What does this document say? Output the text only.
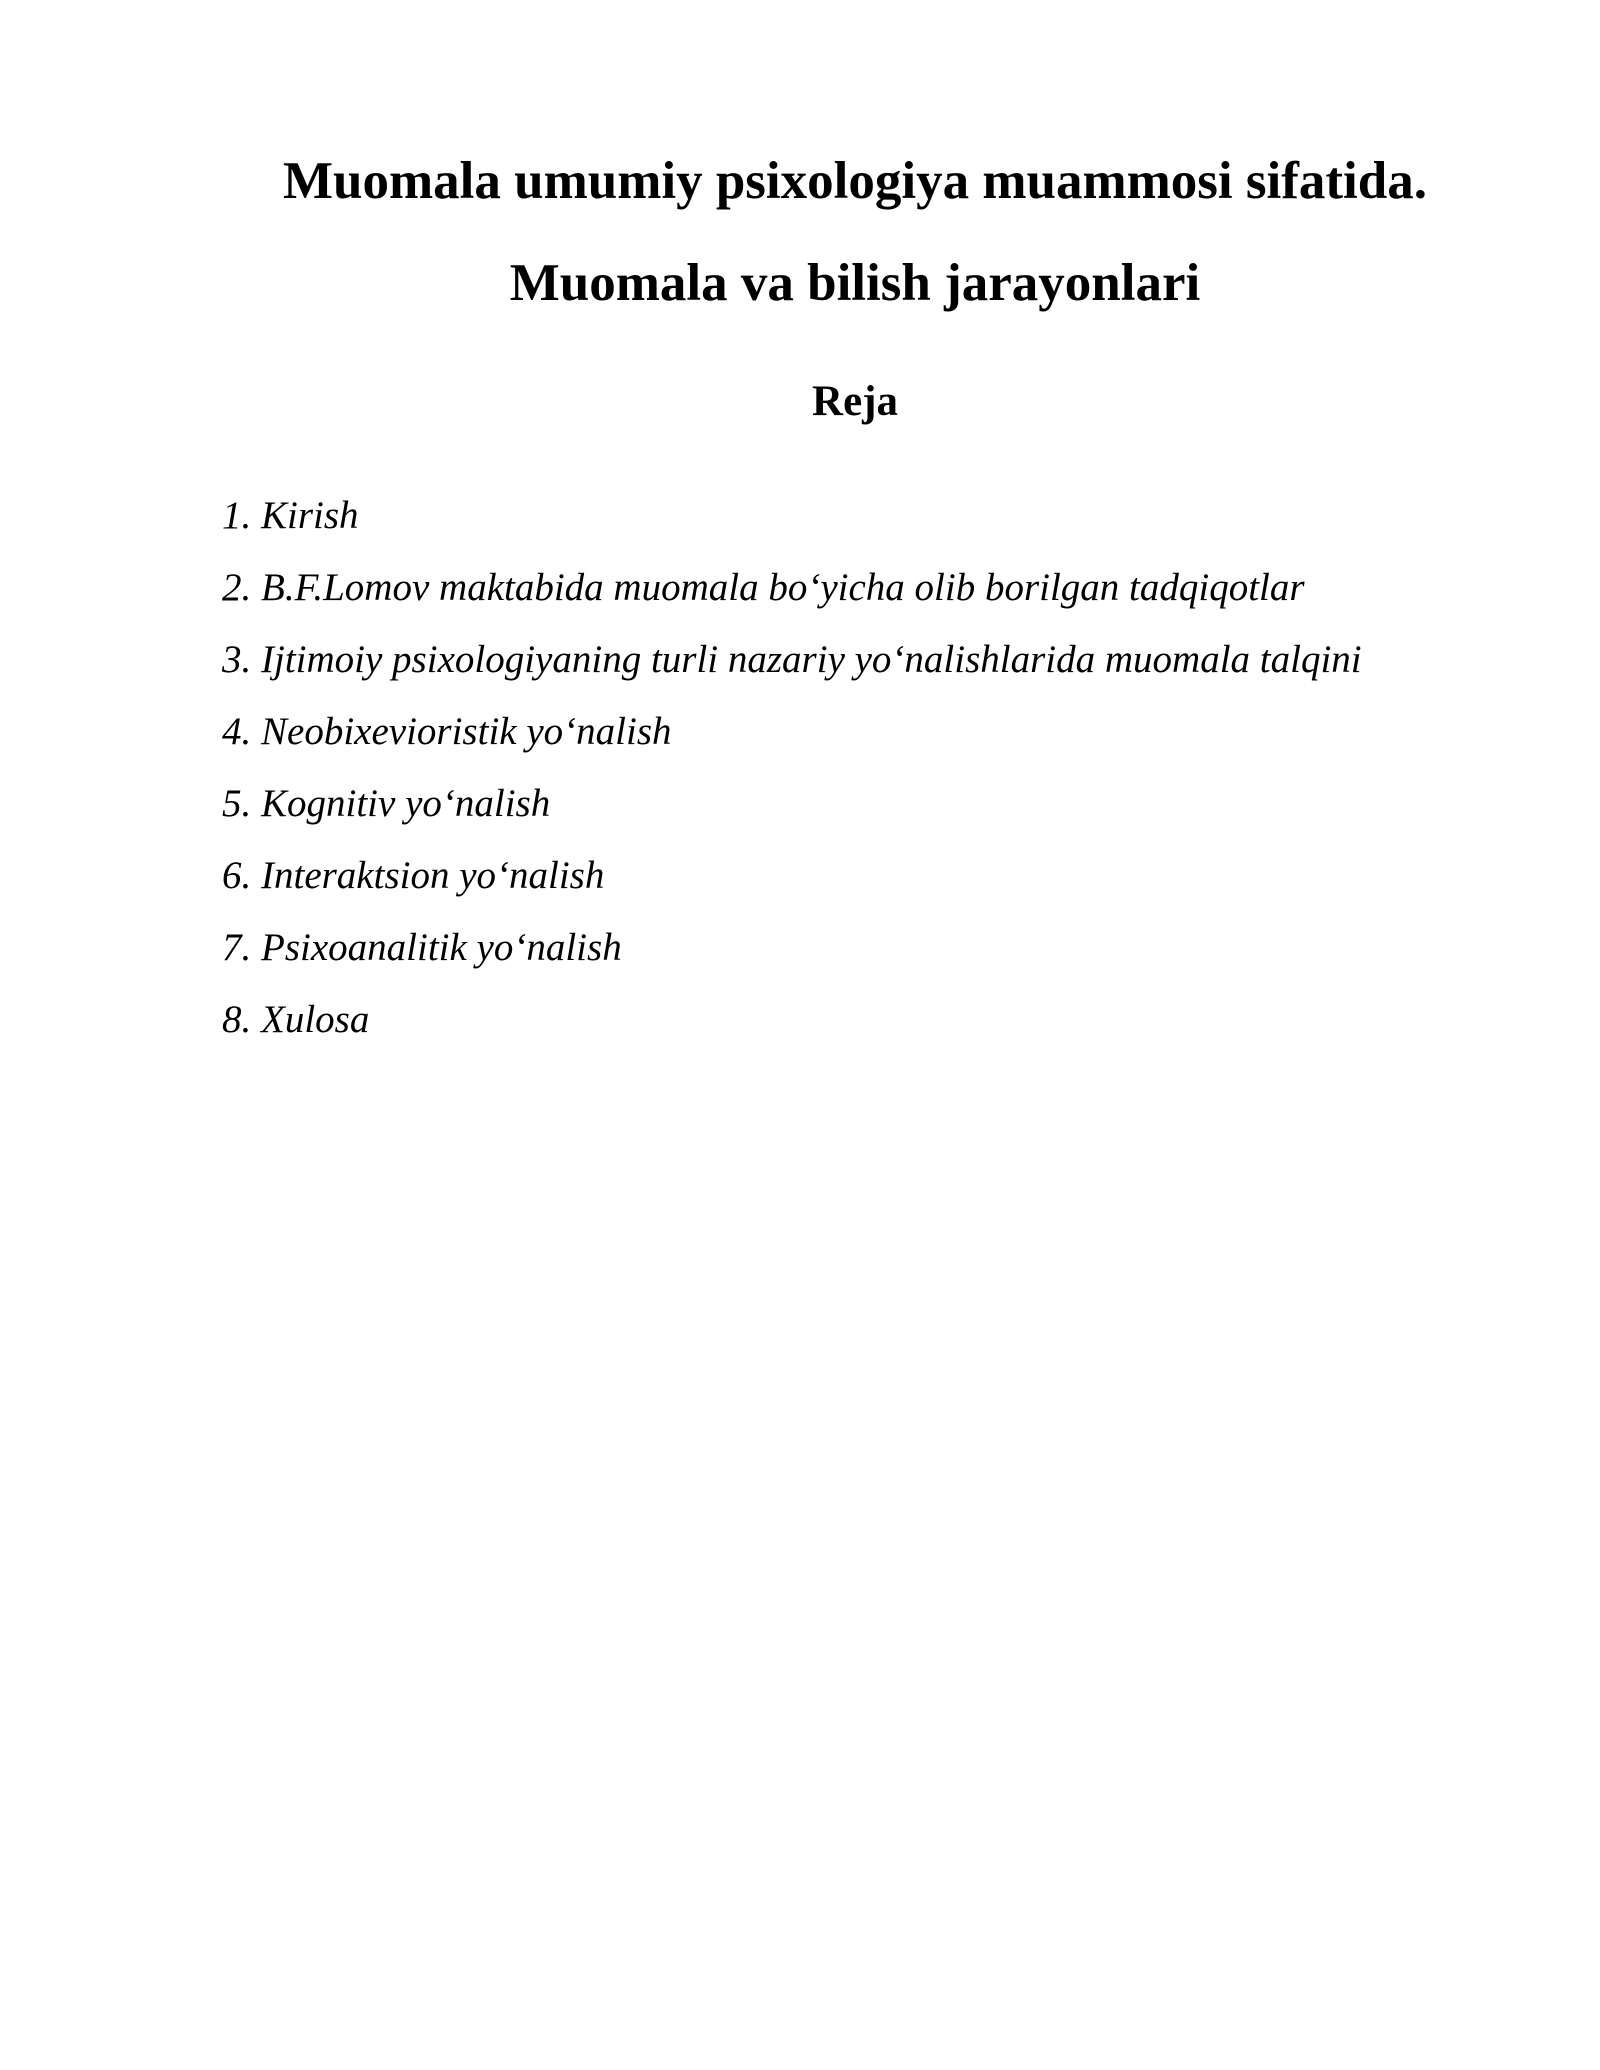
Muomala umumiy psixologiya muammosi sifatida.
Muomala va bilish jarayonlari
Reja
1. Kirish
2. B.F.Lomov maktabida muomala bo‘yicha olib borilgan tadqiqotlar
3. Ijtimoiy psixologiyaning turli nazariy yo‘nalishlarida muomala talqini
4. Neobixevioristik yo‘nalish
5. Kognitiv yo‘nalish
6. Interaktsion yo‘nalish
7. Psixoanalitik yo‘nalish
8. Xulosa
